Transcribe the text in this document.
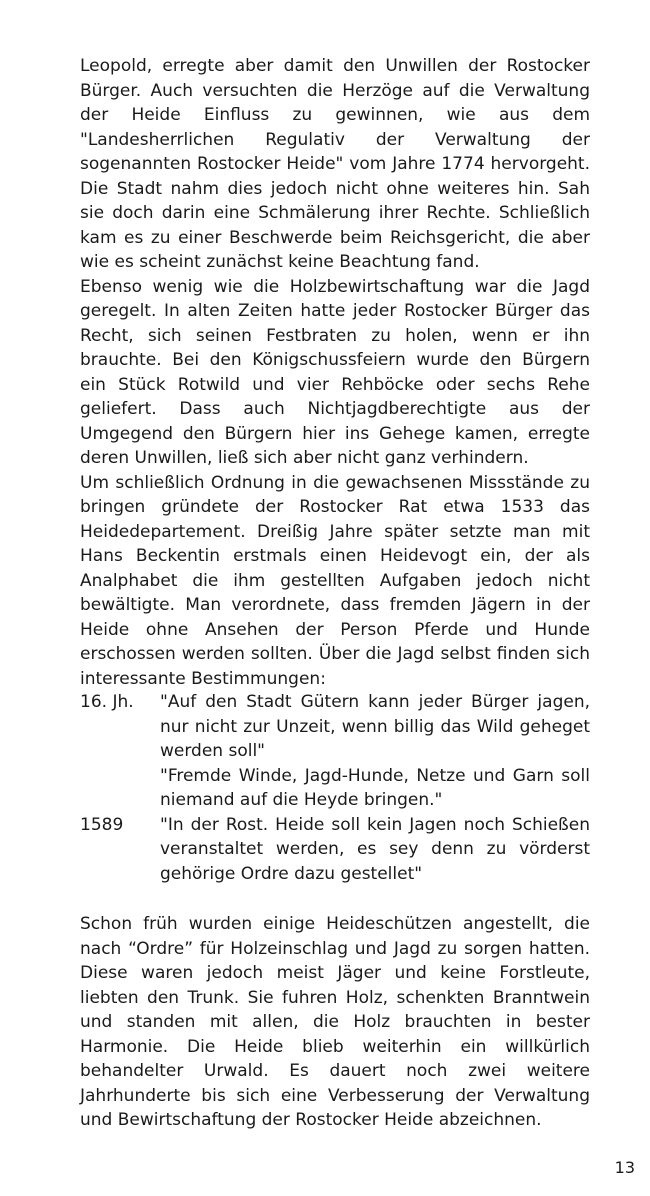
Leopold, erregte aber damit den Unwillen der Rostocker Bürger. Auch versuchten die Herzöge auf die Verwaltung der Heide Einfluss zu gewinnen, wie aus dem "Landesherrlichen Regulativ der Verwaltung der sogenannten Rostocker Heide" vom Jahre 1774 hervorgeht. Die Stadt nahm dies jedoch nicht ohne weiteres hin. Sah sie doch darin eine Schmälerung ihrer Rechte. Schließlich kam es zu einer Beschwerde beim Reichsgericht, die aber wie es scheint zunächst keine Beachtung fand.

Ebenso wenig wie die Holzbewirtschaftung war die Jagd geregelt. In alten Zeiten hatte jeder Rostocker Bürger das Recht, sich seinen Festbraten zu holen, wenn er ihn brauchte. Bei den Königschussfeiern wurde den Bürgern ein Stück Rotwild und vier Rehböcke oder sechs Rehe geliefert. Dass auch Nichtjagdberechtigte aus der Umgegend den Bürgern hier ins Gehege kamen, erregte deren Unwillen, ließ sich aber nicht ganz verhindern.

Um schließlich Ordnung in die gewachsenen Missstände zu bringen gründete der Rostocker Rat etwa 1533 das Heidedepartement. Dreißig Jahre später setzte man mit Hans Beckentin erstmals einen Heidevogt ein, der als Analphabet die ihm gestellten Aufgaben jedoch nicht bewältigte. Man verordnete, dass fremden Jägern in der Heide ohne Ansehen der Person Pferde und Hunde erschossen werden sollten. Über die Jagd selbst finden sich interessante Bestimmungen:

16. Jh.	"Auf den Stadt Gütern kann jeder Bürger jagen, nur nicht zur Unzeit, wenn billig das Wild geheget werden soll"
"Fremde Winde, Jagd-Hunde, Netze und Garn soll niemand auf die Heyde bringen."
1589	"In der Rost. Heide soll kein Jagen noch Schießen veranstaltet werden, es sey denn zu vörderst gehörige Ordre dazu gestellet"

Schon früh wurden einige Heideschützen angestellt, die nach “Ordre” für Holzeinschlag und Jagd zu sorgen hatten. Diese waren jedoch meist Jäger und keine Forstleute, liebten den Trunk. Sie fuhren Holz, schenkten Branntwein und standen mit allen, die Holz brauchten in bester Harmonie. Die Heide blieb weiterhin ein willkürlich behandelter Urwald. Es dauert noch zwei weitere Jahrhunderte bis sich eine Verbesserung der Verwaltung und Bewirtschaftung der Rostocker Heide abzeichnen.

13
